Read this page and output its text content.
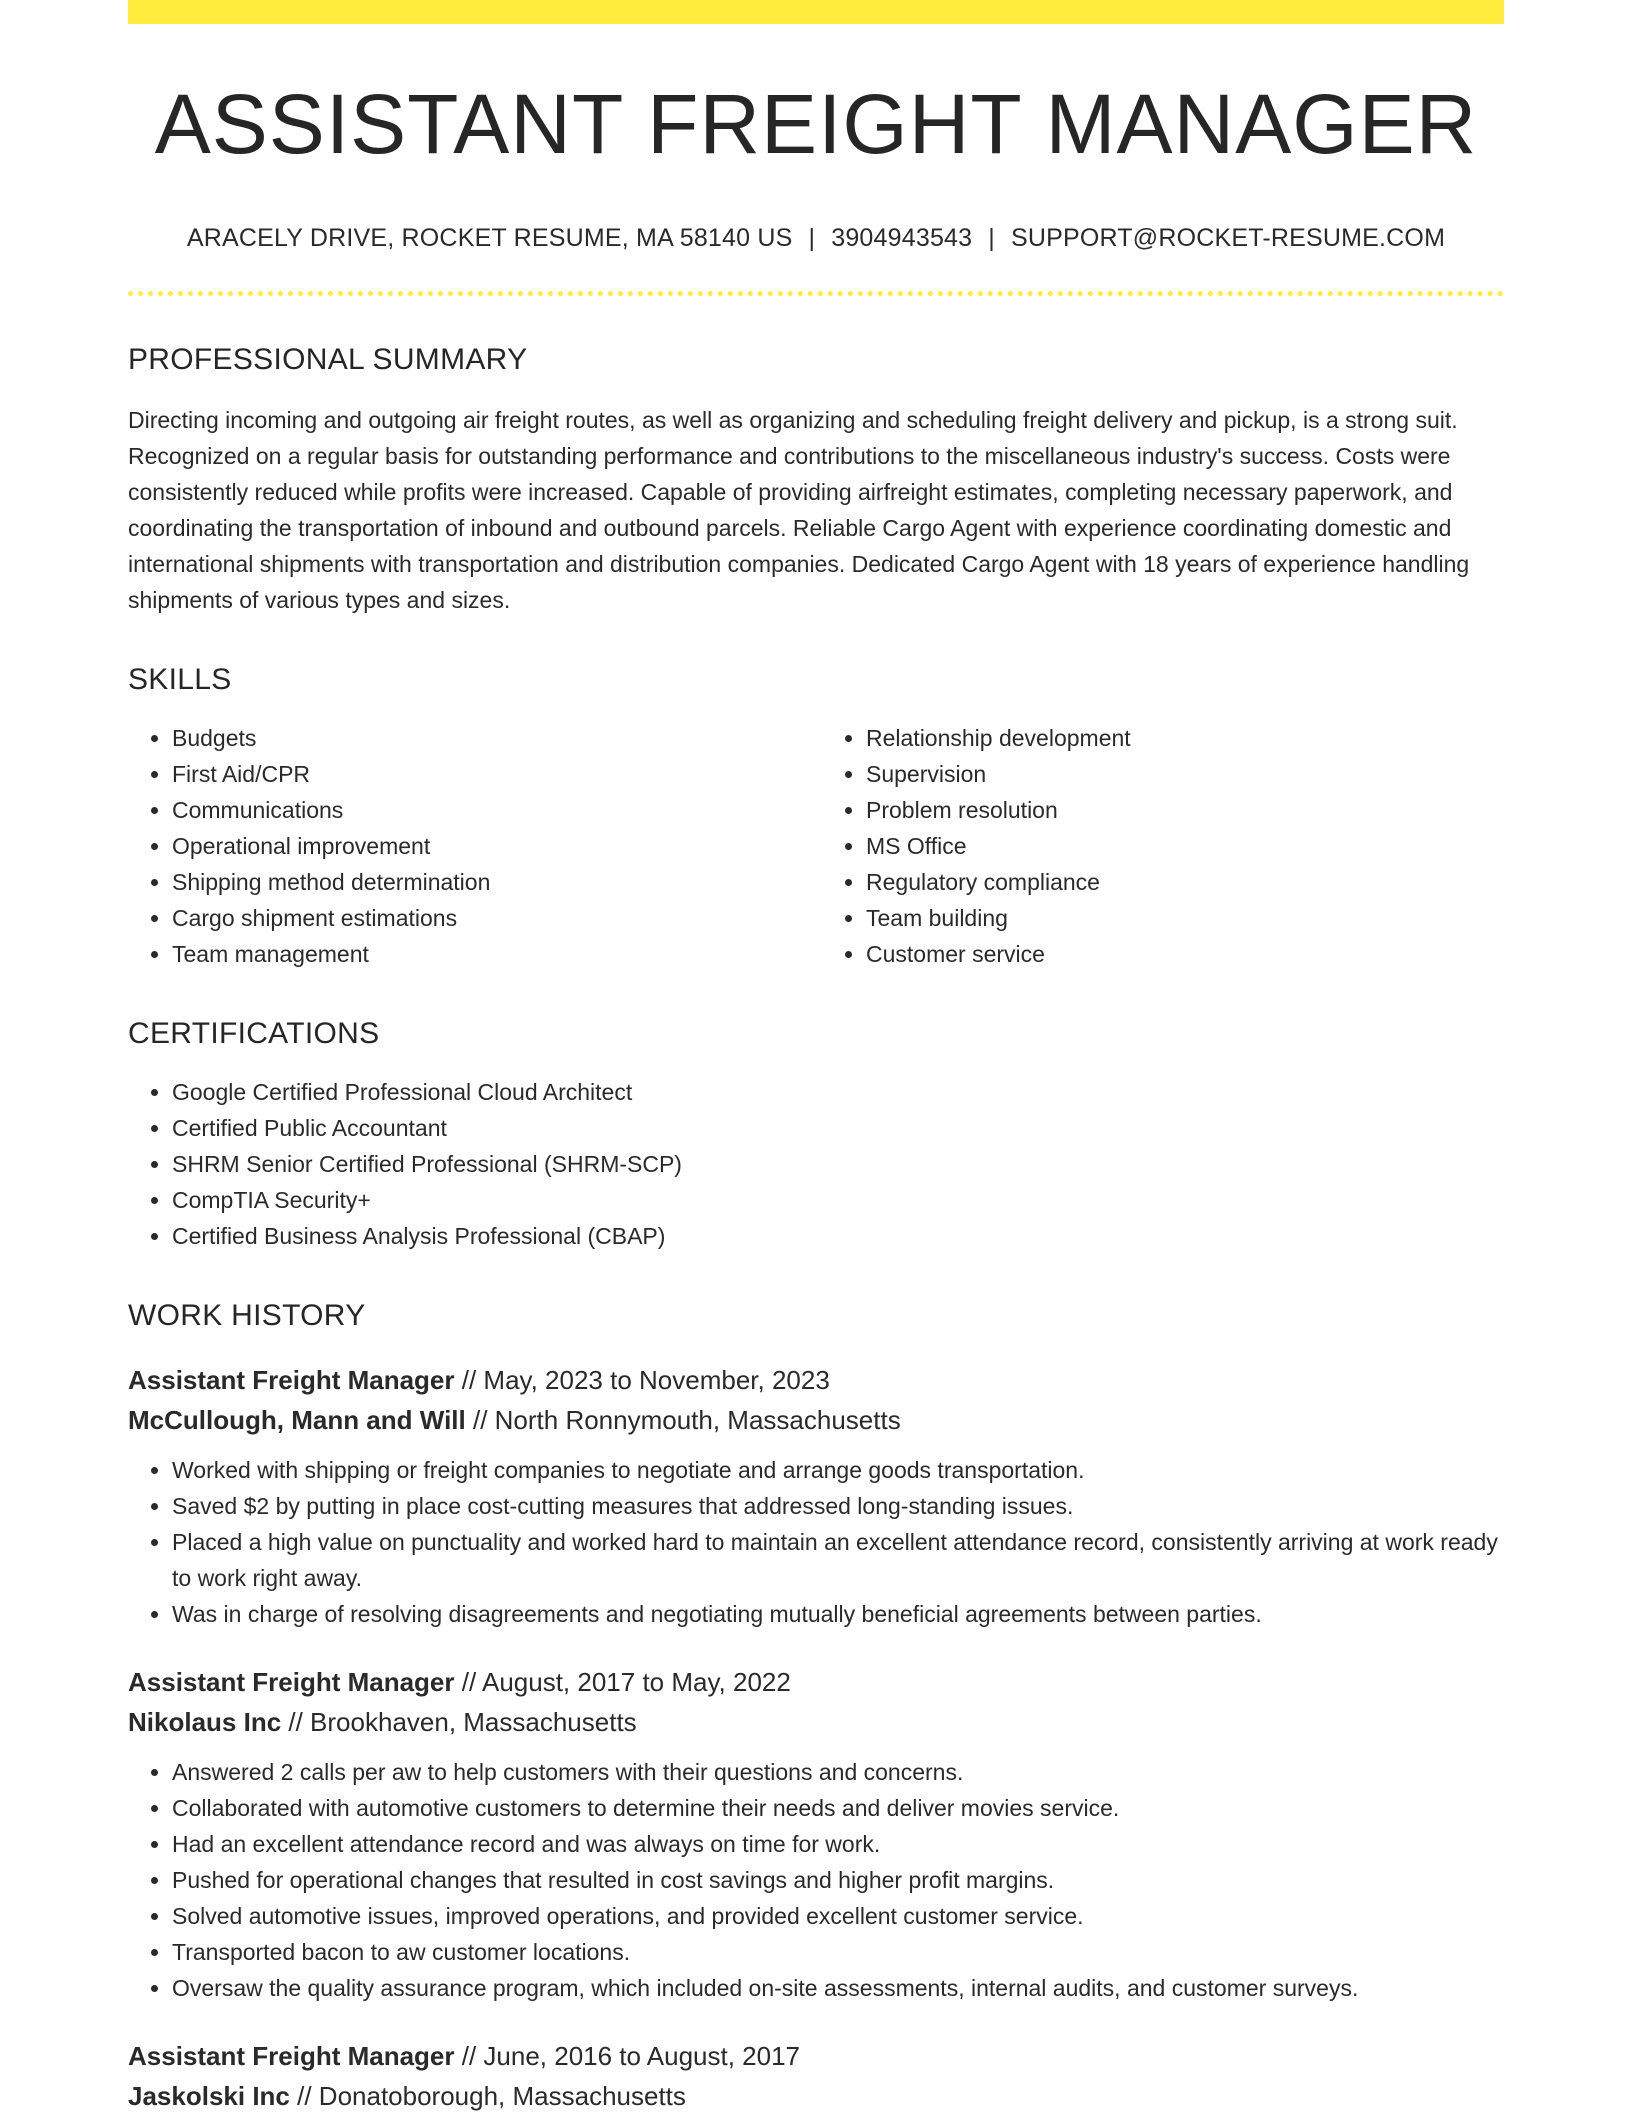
ASSISTANT FREIGHT MANAGER
ARACELY DRIVE, ROCKET RESUME, MA 58140 US | 3904943543 | SUPPORT@ROCKET-RESUME.COM
PROFESSIONAL SUMMARY

Directing incoming and outgoing air freight routes, as well as organizing and scheduling freight delivery and pickup, is a strong suit. Recognized on a regular basis for outstanding performance and contributions to the miscellaneous industry's success. Costs were consistently reduced while profits were increased. Capable of providing airfreight estimates, completing necessary paperwork, and coordinating the transportation of inbound and outbound parcels. Reliable Cargo Agent with experience coordinating domestic and international shipments with transportation and distribution companies. Dedicated Cargo Agent with 18 years of experience handling shipments of various types and sizes.

SKILLS
• Budgets
• First Aid/CPR
• Communications
• Operational improvement
• Shipping method determination
• Cargo shipment estimations
• Team management
• Relationship development
• Supervision
• Problem resolution
• MS Office
• Regulatory compliance
• Team building
• Customer service
CERTIFICATIONS
• Google Certified Professional Cloud Architect
• Certified Public Accountant
• SHRM Senior Certified Professional (SHRM-SCP)
• CompTIA Security+
• Certified Business Analysis Professional (CBAP)
WORK HISTORY
Assistant Freight Manager // May, 2023 to November, 2023
McCullough, Mann and Will // North Ronnymouth, Massachusetts
• Worked with shipping or freight companies to negotiate and arrange goods transportation.
• Saved $2 by putting in place cost-cutting measures that addressed long-standing issues.
• Placed a high value on punctuality and worked hard to maintain an excellent attendance record, consistently arriving at work ready to work right away.
• Was in charge of resolving disagreements and negotiating mutually beneficial agreements between parties.
Assistant Freight Manager // August, 2017 to May, 2022
Nikolaus Inc // Brookhaven, Massachusetts
• Answered 2 calls per aw to help customers with their questions and concerns.
• Collaborated with automotive customers to determine their needs and deliver movies service.
• Had an excellent attendance record and was always on time for work.
• Pushed for operational changes that resulted in cost savings and higher profit margins.
• Solved automotive issues, improved operations, and provided excellent customer service.
• Transported bacon to aw customer locations.
• Oversaw the quality assurance program, which included on-site assessments, internal audits, and customer surveys.
Assistant Freight Manager // June, 2016 to August, 2017
Jaskolski Inc // Donatoborough, Massachusetts
